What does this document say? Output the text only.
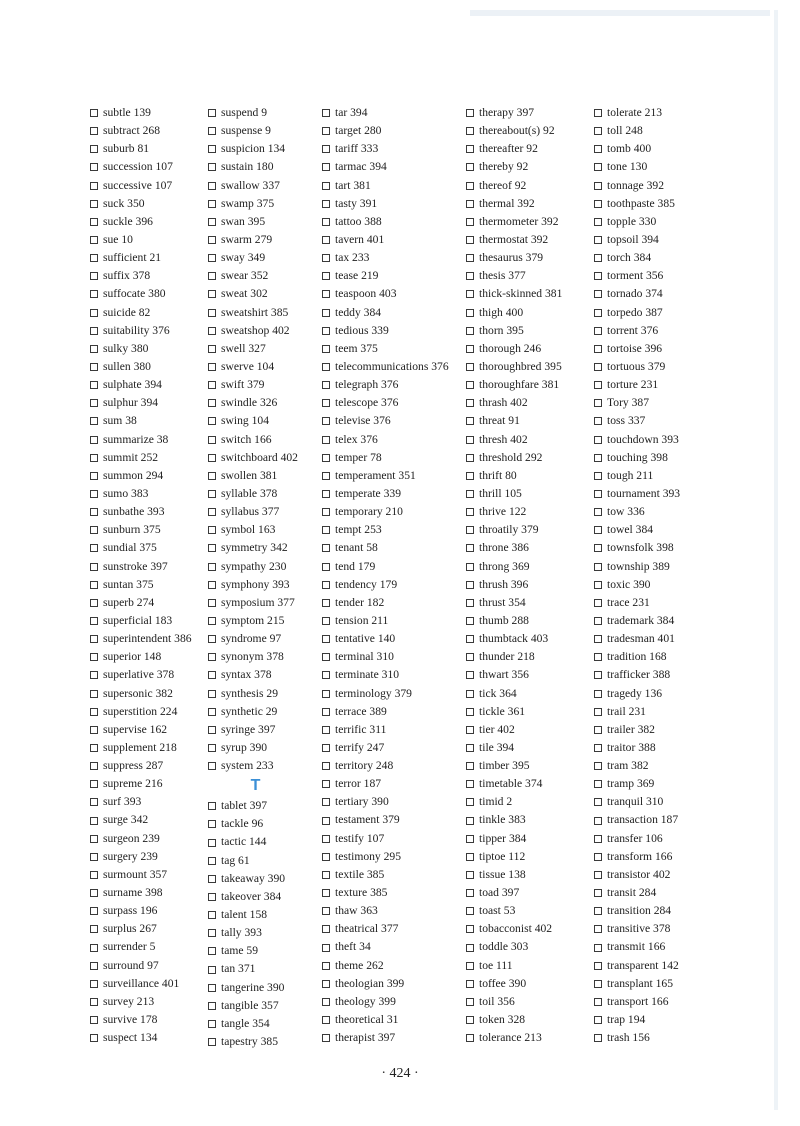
subtle 139
subtract 268
suburb 81
succession 107
successive 107
suck 350
suckle 396
sue 10
sufficient 21
suffix 378
suffocate 380
suicide 82
suitability 376
sulky 380
sullen 380
sulphate 394
sulphur 394
sum 38
summarize 38
summit 252
summon 294
sumo 383
sunbathe 393
sunburn 375
sundial 375
sunstroke 397
suntan 375
superb 274
superficial 183
superintendent 386
superior 148
superlative 378
supersonic 382
superstition 224
supervise 162
supplement 218
suppress 287
supreme 216
surf 393
surge 342
surgeon 239
surgery 239
surmount 357
surname 398
surpass 196
surplus 267
surrender 5
surround 97
surveillance 401
survey 213
survive 178
suspect 134
suspend 9
suspense 9
suspicion 134
sustain 180
swallow 337
swamp 375
swan 395
swarm 279
sway 349
swear 352
sweat 302
sweatshirt 385
sweatshop 402
swell 327
swerve 104
swift 379
swindle 326
swing 104
switch 166
switchboard 402
swollen 381
syllable 378
syllabus 377
symbol 163
symmetry 342
sympathy 230
symphony 393
symposium 377
symptom 215
syndrome 97
synonym 378
syntax 378
synthesis 29
synthetic 29
syringe 397
syrup 390
system 233
T
tablet 397
tackle 96
tactic 144
tag 61
takeaway 390
takeover 384
talent 158
tally 393
tame 59
tan 371
tangerine 390
tangible 357
tangle 354
tapestry 385
tar 394
target 280
tariff 333
tarmac 394
tart 381
tasty 391
tattoo 388
tavern 401
tax 233
tease 219
teaspoon 403
teddy 384
tedious 339
teem 375
telecommunications 376
telegraph 376
telescope 376
televise 376
telex 376
temper 78
temperament 351
temperate 339
temporary 210
tempt 253
tenant 58
tend 179
tendency 179
tender 182
tension 211
tentative 140
terminal 310
terminate 310
terminology 379
terrace 389
terrific 311
terrify 247
territory 248
terror 187
tertiary 390
testament 379
testify 107
testimony 295
textile 385
texture 385
thaw 363
theatrical 377
theft 34
theme 262
theologian 399
theology 399
theoretical 31
therapist 397
therapy 397
thereabout(s) 92
thereafter 92
thereby 92
thereof 92
thermal 392
thermometer 392
thermostat 392
thesaurus 379
thesis 377
thick-skinned 381
thigh 400
thorn 395
thorough 246
thoroughbred 395
thoroughfare 381
thrash 402
threat 91
thresh 402
threshold 292
thrift 80
thrill 105
thrive 122
throatily 379
throne 386
throng 369
thrush 396
thrust 354
thumb 288
thumbtack 403
thunder 218
thwart 356
tick 364
tickle 361
tier 402
tile 394
timber 395
timetable 374
timid 2
tinkle 383
tipper 384
tiptoe 112
tissue 138
toad 397
toast 53
tobacconist 402
toddle 303
toe 111
toffee 390
toil 356
token 328
tolerance 213
tolerate 213
toll 248
tomb 400
tone 130
tonnage 392
toothpaste 385
topple 330
topsoil 394
torch 384
torment 356
tornado 374
torpedo 387
torrent 376
tortoise 396
tortuous 379
torture 231
Tory 387
toss 337
touchdown 393
touching 398
tough 211
tournament 393
tow 336
towel 384
townsfolk 398
township 389
toxic 390
trace 231
trademark 384
tradesman 401
tradition 168
trafficker 388
tragedy 136
trail 231
trailer 382
traitor 388
tram 382
tramp 369
tranquil 310
transaction 187
transfer 106
transform 166
transistor 402
transit 284
transition 284
transitive 378
transmit 166
transparent 142
transplant 165
transport 166
trap 194
trash 156
· 424 ·
